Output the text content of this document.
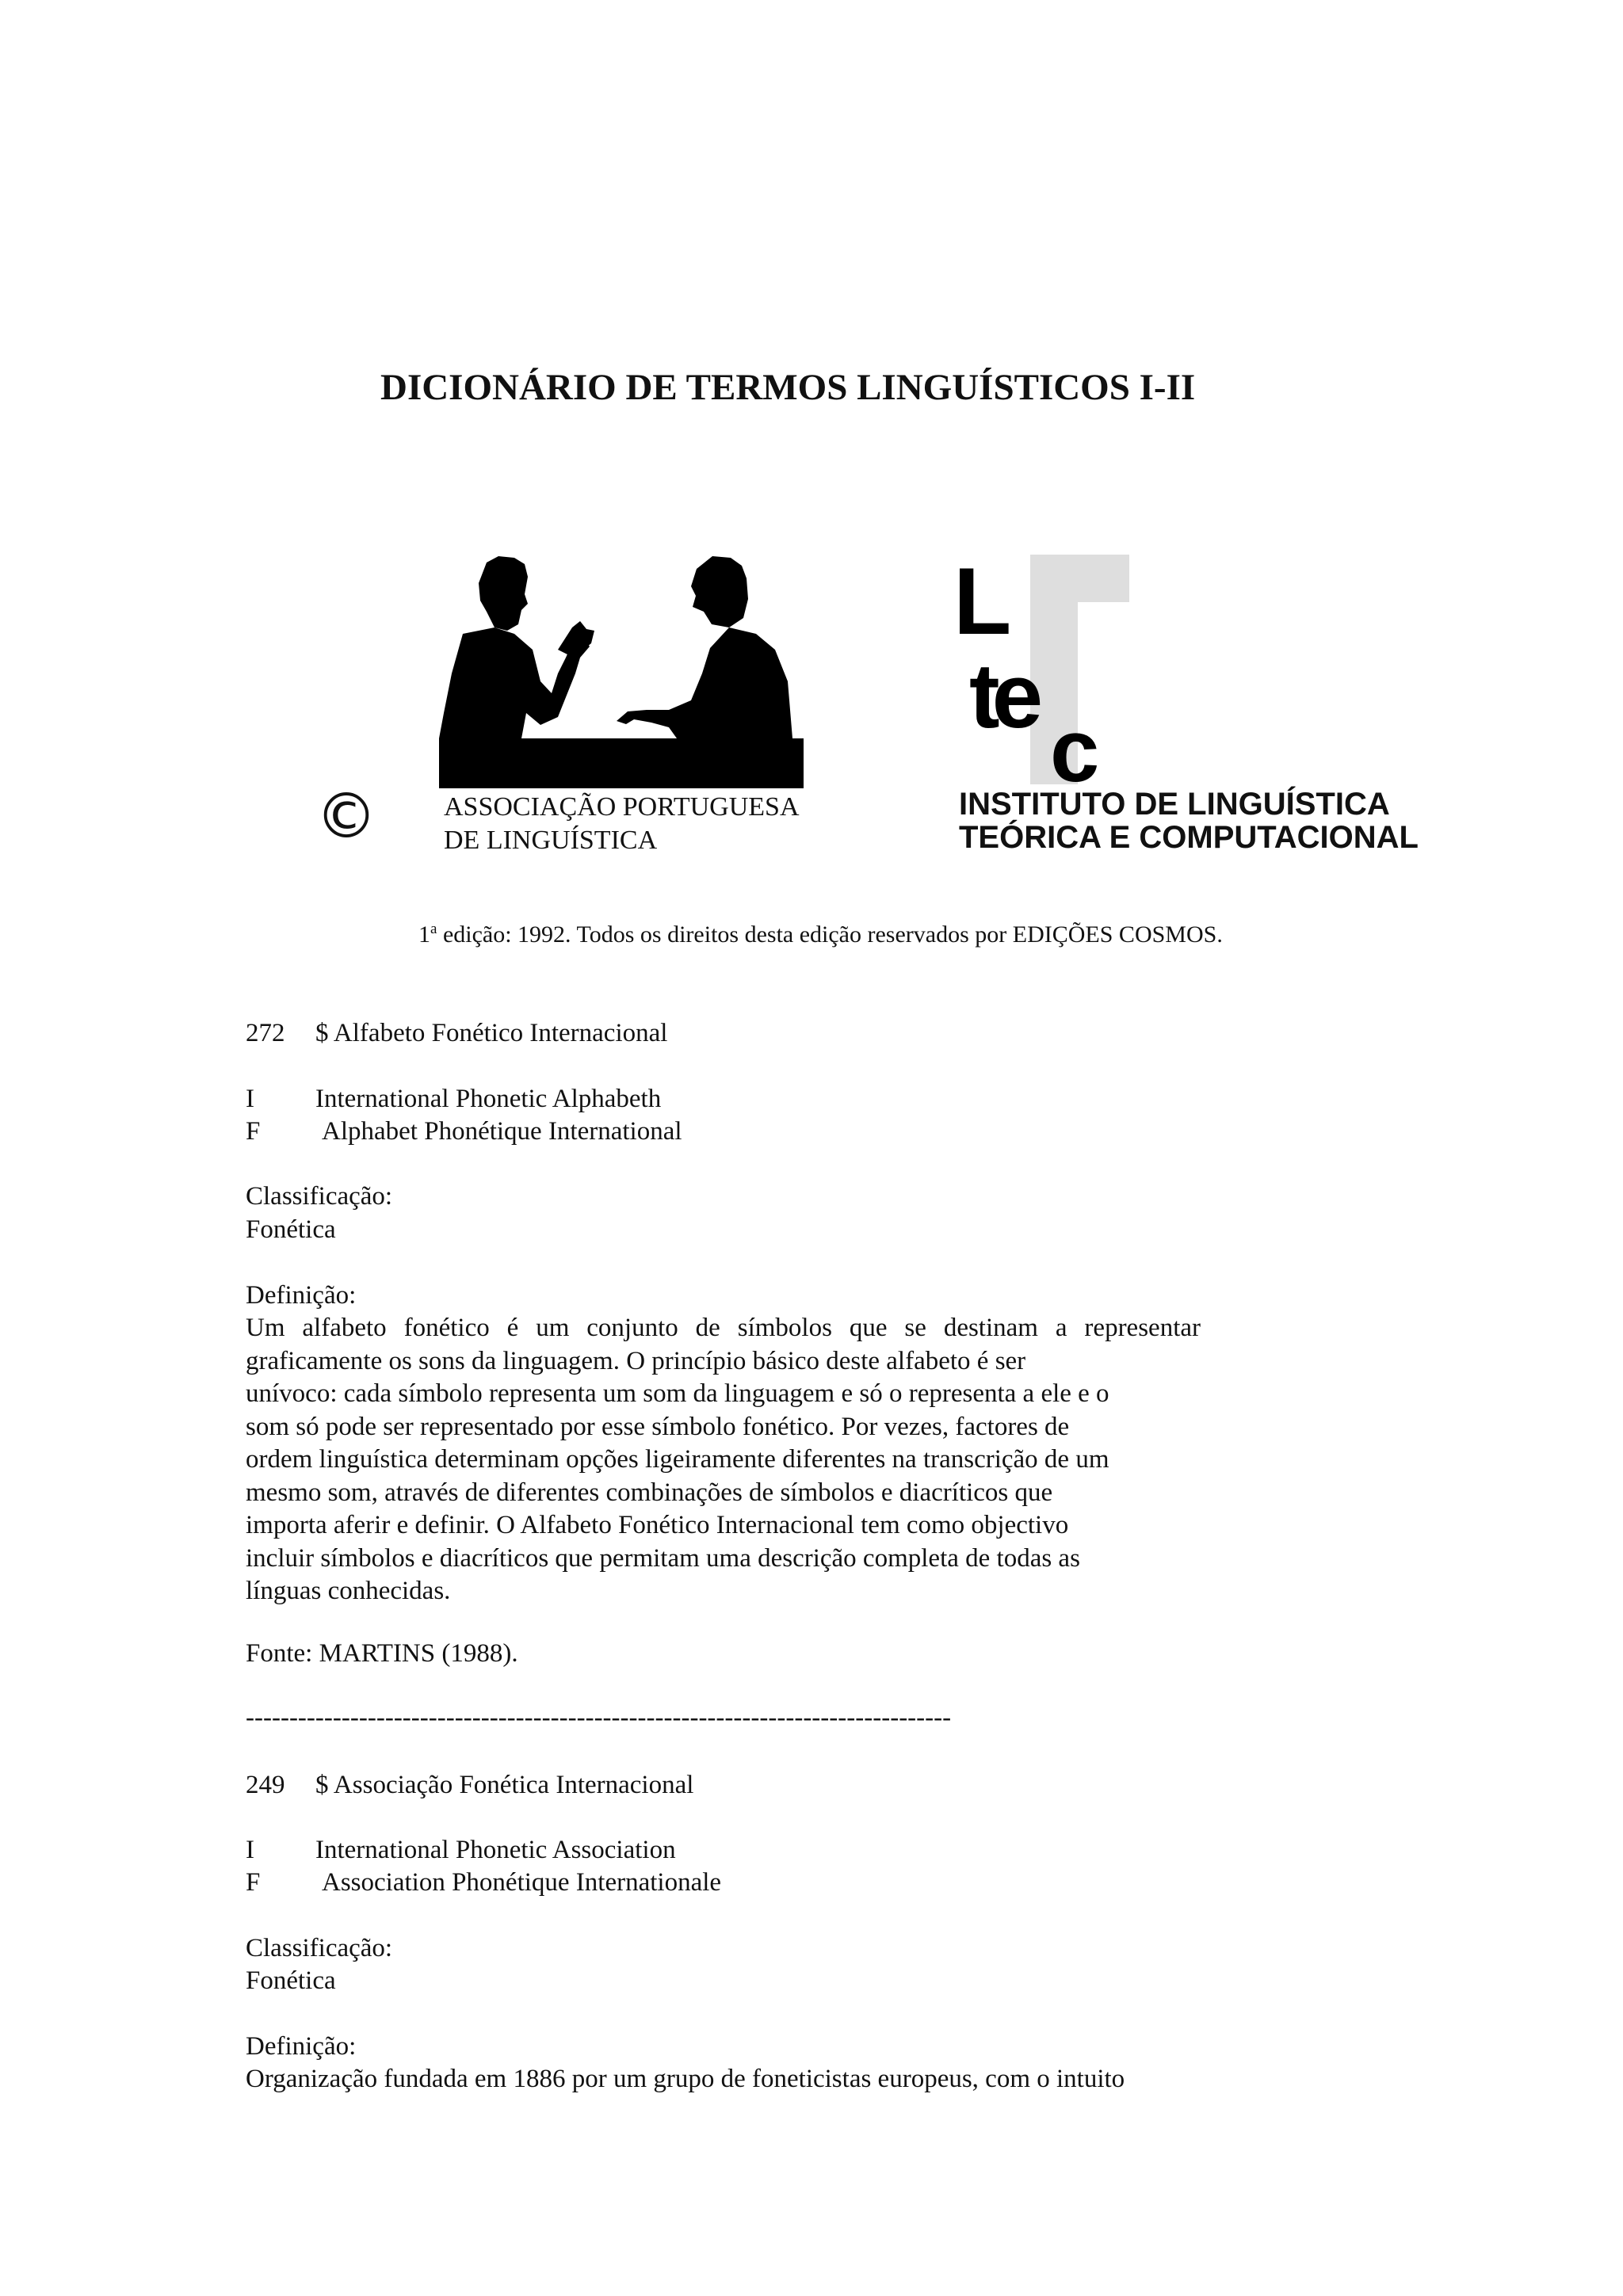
DICIONÁRIO DE TERMOS LINGUÍSTICOS I-II
L
te
c
© ASSOCIAÇÃO PORTUGUESA
DE LINGUÍSTICA
INSTITUTO DE LINGUÍSTICA
TEÓRICA E COMPUTACIONAL
1$^a$ edição: 1992. Todos os direitos desta edição reservados por EDIÇÕES COSMOS.
272 $ Alfabeto Fonético Internacional
I International Phonetic Alphabeth
F Alphabet Phonétique International
Classificação:
Fonética
Definição:
Um alfabeto fonético é um conjunto de símbolos que se destinam a representar
graficamente os sons da linguagem. O princípio básico deste alfabeto é ser
unívoco: cada símbolo representa um som da linguagem e só o representa a ele e o
som só pode ser representado por esse símbolo fonético. Por vezes, factores de
ordem linguística determinam opções ligeiramente diferentes na transcrição de um
mesmo som, através de diferentes combinações de símbolos e diacríticos que
importa aferir e definir. O Alfabeto Fonético Internacional tem como objectivo
incluir símbolos e diacríticos que permitam uma descrição completa de todas as
línguas conhecidas.
Fonte: MARTINS (1988).
---------------------------------------------------------------------------------
249 $ Associação Fonética Internacional
I International Phonetic Association
F Association Phonétique Internationale
Classificação:
Fonética
Definição:
Organização fundada em 1886 por um grupo de foneticistas europeus, com o intuito
